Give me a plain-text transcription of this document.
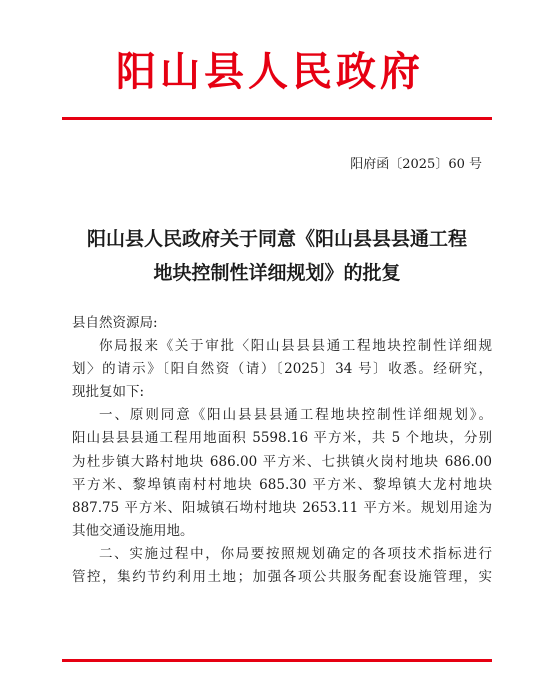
阳山县人民政府
阳府函〔2025〕60 号
阳山县人民政府关于同意《阳山县县县通工程
地块控制性详细规划》的批复
县自然资源局:
你局报来《关于审批〈阳山县县县通工程地块控制性详细规
划〉的请示》〔阳自然资（请）〔2025〕34 号〕收悉。经研究，
现批复如下:
一、原则同意《阳山县县县通工程地块控制性详细规划》。
阳山县县县通工程用地面积 5598.16 平方米，共 5 个地块，分别
为杜步镇大路村地块 686.00 平方米、七拱镇火岗村地块 686.00
平方米、黎埠镇南村村地块 685.30 平方米、黎埠镇大龙村地块
887.75 平方米、阳城镇石坳村地块 2653.11 平方米。规划用途为
其他交通设施用地。
二、实施过程中，你局要按照规划确定的各项技术指标进行
管控，集约节约利用土地；加强各项公共服务配套设施管理，实
